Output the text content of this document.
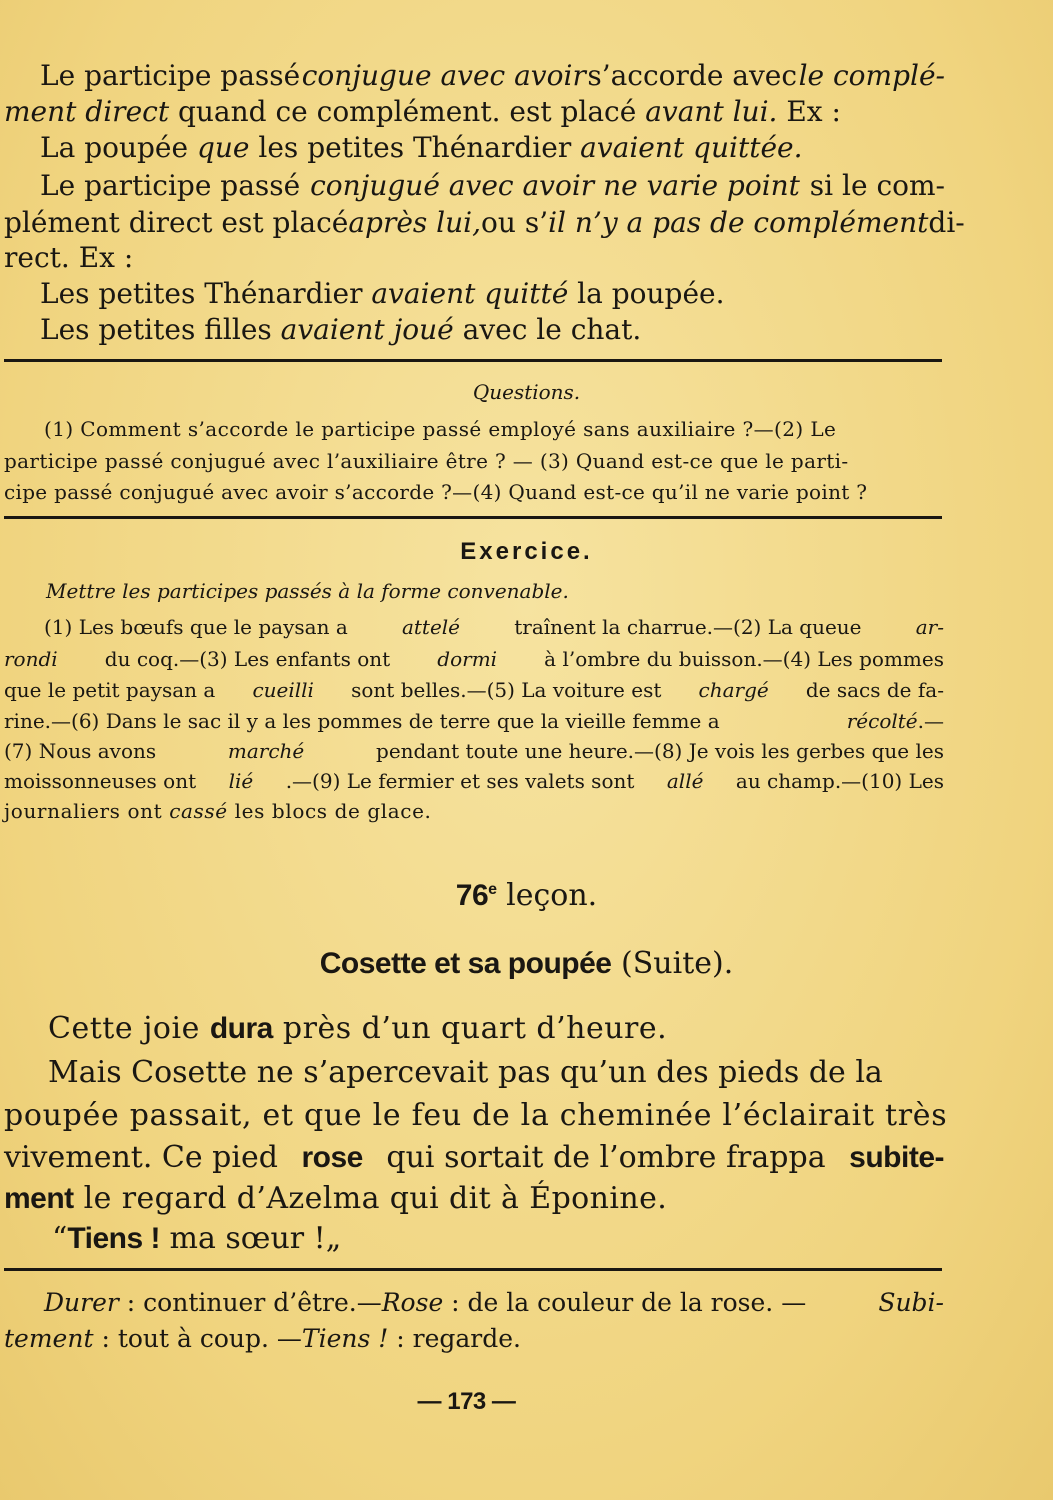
Le participe passé conjugue avec avoir s’accorde avec le complé-
ment direct quand ce complément. est placé avant lui. Ex :
La poupée que les petites Thénardier avaient quittée.
Le participe passé conjugué avec avoir ne varie point si le com-
plément direct est placé après lui, ou s’il n’y a pas de complément di-
rect. Ex :
Les petites Thénardier avaient quitté la poupée.
Les petites filles avaient joué avec le chat.
Questions.
(1) Comment s’accorde le participe passé employé sans auxiliaire ?—(2) Le
participe passé conjugué avec l’auxiliaire être ? — (3) Quand est-ce que le parti-
cipe passé conjugué avec avoir s’accorde ?—(4) Quand est-ce qu’il ne varie point ?
Exercice.
Mettre les participes passés à la forme convenable.
(1) Les bœufs que le paysan a	attelé	traînent la charrue.—(2) La queue	ar-
rondi du coq.—(3) Les enfants ont dormi à l’ombre du buisson.—(4) Les pommes
que le petit paysan a cueilli sont belles.—(5) La voiture est chargé de sacs de fa-
rine.—(6) Dans le sac il y a les pommes de terre que la vieille femme a	récolté.—
(7) Nous avons	marché	pendant toute une heure.—(8) Je vois les gerbes que les
moissonneuses ont lié .—(9) Le fermier et ses valets sont allé au champ.—(10) Les
journaliers ont cassé les blocs de glace.
76e leçon.
Cosette et sa poupée (Suite).
Cette joie dura près d’un quart d’heure.
Mais Cosette ne s’apercevait pas qu’un des pieds de la
poupée passait, et que le feu de la cheminée l’éclairait très
vivement. Ce pied rose qui sortait de l’ombre frappa subite-
ment le regard d’Azelma qui dit à Éponine.
“Tiens ! ma sœur !„
Durer : continuer d’être.—Rose : de la couleur de la rose. —	Subi-
tement : tout à coup. —Tiens ! : regarde.
— 173 —
